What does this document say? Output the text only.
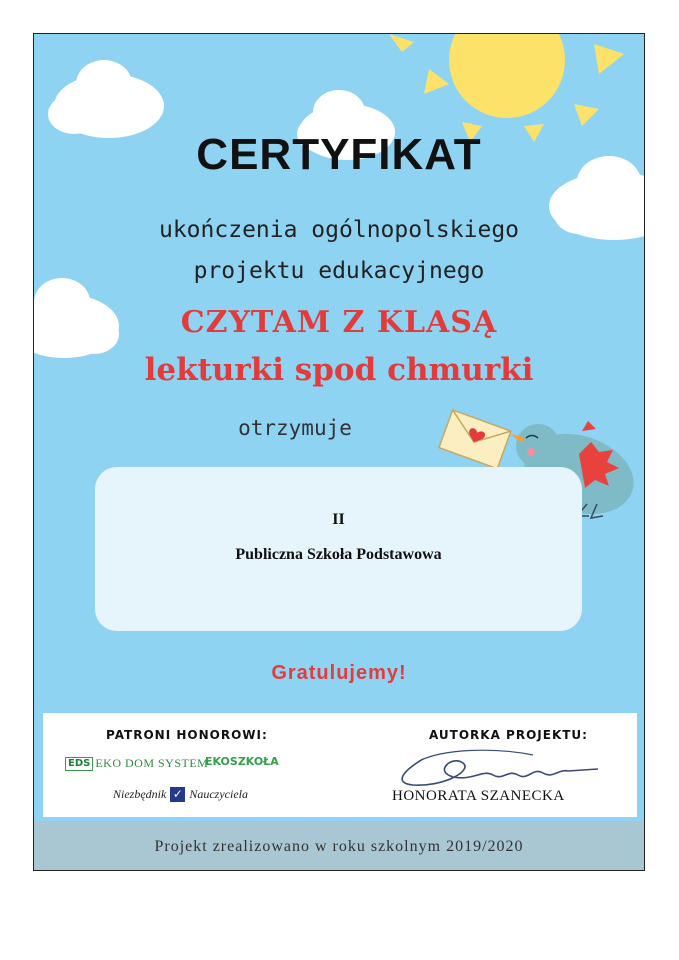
CERTYFIKAT
ukończenia ogólnopolskiego
projektu edukacyjnego
CZYTAM Z KLASĄ
lekturki spod chmurki
otrzymuje
II
Publiczna Szkoła Podstawowa
Gratulujemy!
PATRONI HONOROWI:	AUTORKA PROJEKTU:
EDS EKO DOM SYSTEM
EKOSZKOŁA
Niezbędnik ✓ Nauczyciela	HONORATA SZANECKA
Projekt zrealizowano w roku szkolnym 2019/2020
